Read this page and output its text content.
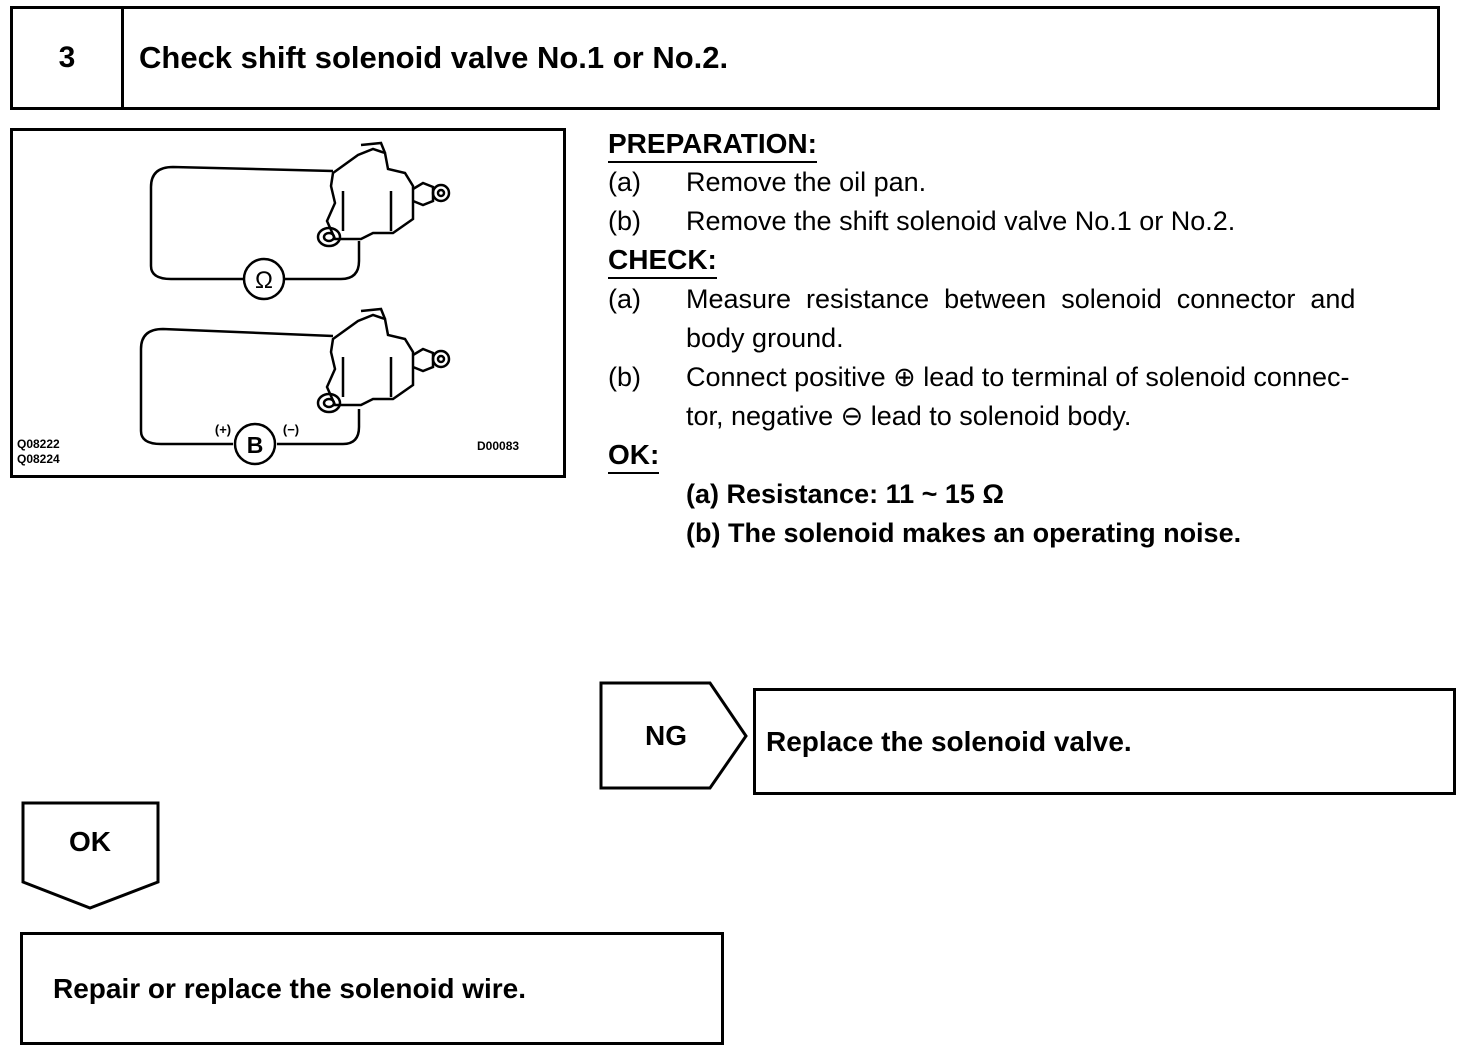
3	Check shift solenoid valve No.1 or No.2.
Ω
B
(+)	(−)
Q08222
Q08224
D00083
PREPARATION:
(a) Remove the oil pan.
(b) Remove the shift solenoid valve No.1 or No.2.
CHECK:
(a) Measure  resistance  between  solenoid  connector  and
body ground.
(b) Connect positive ⊕ lead to terminal of solenoid connec-
tor, negative ⊖ lead to solenoid body.
OK:
(a) Resistance: 11 ~ 15 Ω
(b) The solenoid makes an operating noise.
NG	Replace the solenoid valve.
OK
Repair or replace the solenoid wire.
